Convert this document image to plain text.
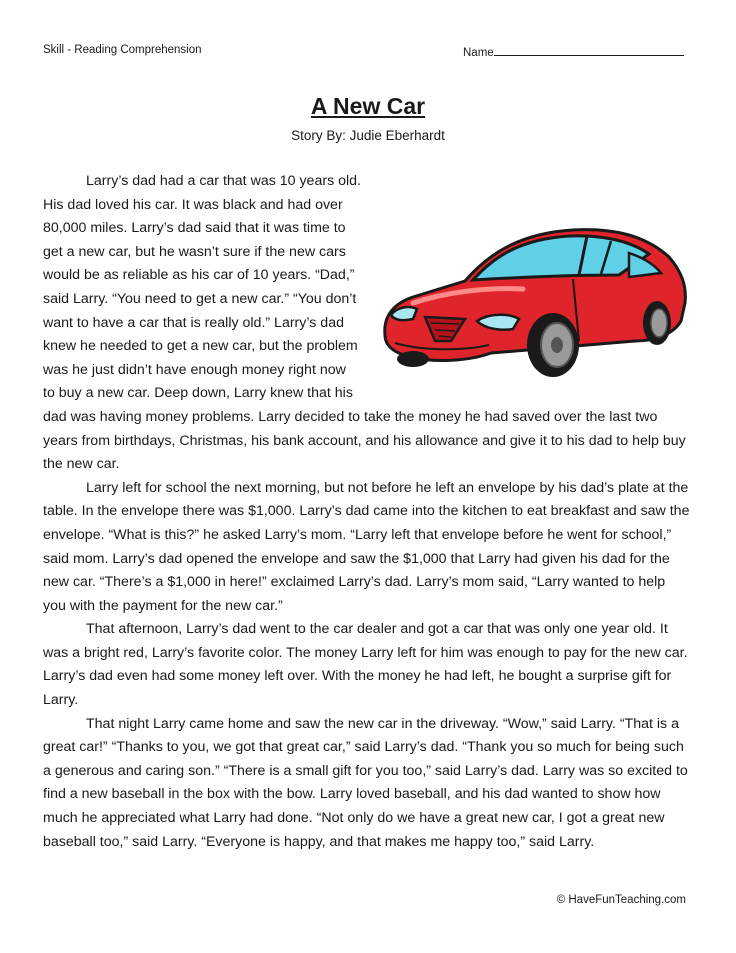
Skill - Reading Comprehension	Name
A New Car
Story By: Judie Eberhardt

Larry’s dad had a car that was 10 years old. His dad loved his car. It was black and had over 80,000 miles. Larry’s dad said that it was time to get a new car, but he wasn’t sure if the new cars would be as reliable as his car of 10 years. “Dad,” said Larry. “You need to get a new car.” “You don’t want to have a car that is really old.” Larry’s dad knew he needed to get a new car, but the problem was he just didn’t have enough money right now to buy a new car. Deep down, Larry knew that his dad was having money problems. Larry decided to take the money he had saved over the last two years from birthdays, Christmas, his bank account, and his allowance and give it to his dad to help buy the new car.

Larry left for school the next morning, but not before he left an envelope by his dad’s plate at the table. In the envelope there was $1,000. Larry’s dad came into the kitchen to eat breakfast and saw the envelope. “What is this?” he asked Larry’s mom. “Larry left that envelope before he went for school,” said mom. Larry’s dad opened the envelope and saw the $1,000 that Larry had given his dad for the new car. “There’s a $1,000 in here!” exclaimed Larry’s dad. Larry’s mom said, “Larry wanted to help you with the payment for the new car.”

That afternoon, Larry’s dad went to the car dealer and got a car that was only one year old. It was a bright red, Larry’s favorite color. The money Larry left for him was enough to pay for the new car. Larry’s dad even had some money left over. With the money he had left, he bought a surprise gift for Larry.

That night Larry came home and saw the new car in the driveway. “Wow,” said Larry. “That is a great car!” “Thanks to you, we got that great car,” said Larry’s dad. “Thank you so much for being such a generous and caring son.” “There is a small gift for you too,” said Larry’s dad. Larry was so excited to find a new baseball in the box with the bow. Larry loved baseball, and his dad wanted to show how much he appreciated what Larry had done. “Not only do we have a great new car, I got a great new baseball too,” said Larry. “Everyone is happy, and that makes me happy too,” said Larry.

© HaveFunTeaching.com
